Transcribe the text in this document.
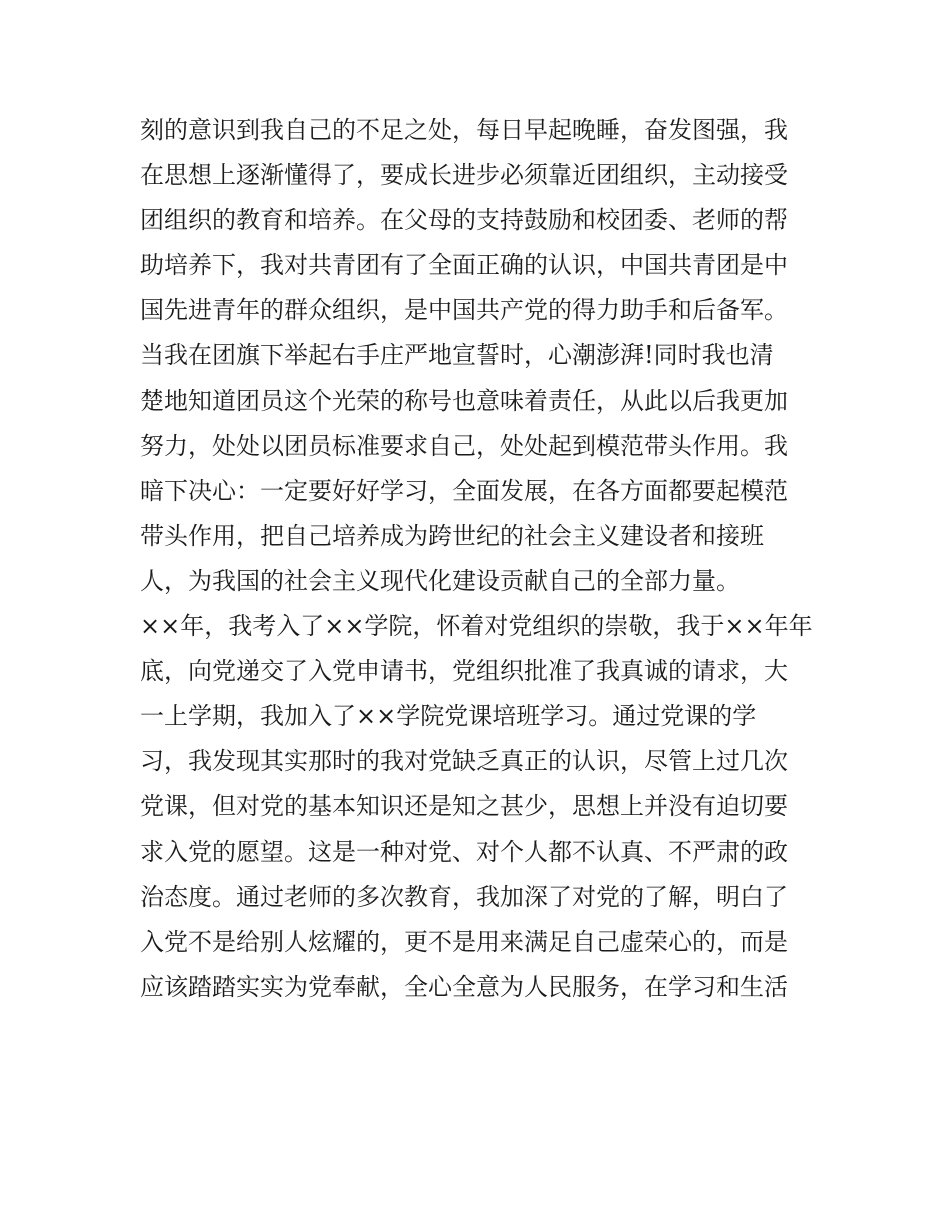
刻的意识到我自己的不足之处，每日早起晚睡，奋发图强，我
在思想上逐渐懂得了，要成长进步必须靠近团组织，主动接受
团组织的教育和培养。在父母的支持鼓励和校团委、老师的帮
助培养下，我对共青团有了全面正确的认识，中国共青团是中
国先进青年的群众组织，是中国共产党的得力助手和后备军。
当我在团旗下举起右手庄严地宣誓时，心潮澎湃!同时我也清
楚地知道团员这个光荣的称号也意味着责任，从此以后我更加
努力，处处以团员标准要求自己，处处起到模范带头作用。我
暗下决心：一定要好好学习，全面发展，在各方面都要起模范
带头作用，把自己培养成为跨世纪的社会主义建设者和接班
人，为我国的社会主义现代化建设贡献自己的全部力量。
××年，我考入了××学院，怀着对党组织的崇敬，我于××年年
底，向党递交了入党申请书，党组织批准了我真诚的请求，大
一上学期，我加入了××学院党课培班学习。通过党课的学
习，我发现其实那时的我对党缺乏真正的认识，尽管上过几次
党课，但对党的基本知识还是知之甚少，思想上并没有迫切要
求入党的愿望。这是一种对党、对个人都不认真、不严肃的政
治态度。通过老师的多次教育，我加深了对党的了解，明白了
入党不是给别人炫耀的，更不是用来满足自己虚荣心的，而是
应该踏踏实实为党奉献，全心全意为人民服务，在学习和生活
